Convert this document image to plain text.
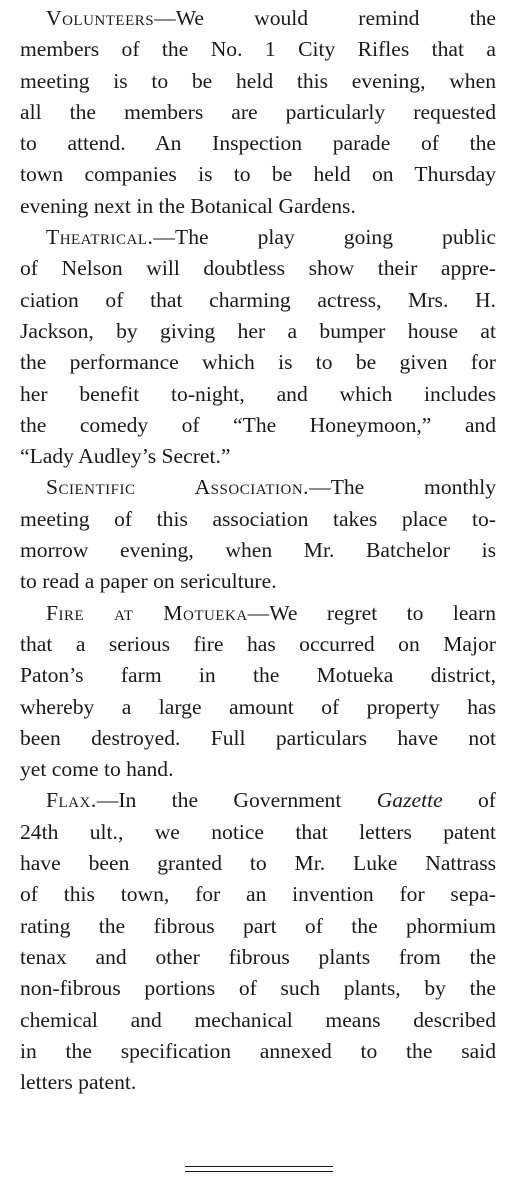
Volunteers—We would remind the
members of the No. 1 City Rifles that a
meeting is to be held this evening, when
all the members are particularly requested
to attend. An Inspection parade of the
town companies is to be held on Thursday
evening next in the Botanical Gardens.
Theatrical.—The play going public
of Nelson will doubtless show their appre-
ciation of that charming actress, Mrs. H.
Jackson, by giving her a bumper house at
the performance which is to be given for
her benefit to-night, and which includes
the comedy of “The Honeymoon,” and
“Lady Audley’s Secret.”
Scientific Association.—The monthly
meeting of this association takes place to-
morrow evening, when Mr. Batchelor is
to read a paper on sericulture.
Fire at Motueka—We regret to learn
that a serious fire has occurred on Major
Paton’s farm in the Motueka district,
whereby a large amount of property has
been destroyed. Full particulars have not
yet come to hand.
Flax.—In the Government Gazette of
24th ult., we notice that letters patent
have been granted to Mr. Luke Nattrass
of this town, for an invention for sepa-
rating the fibrous part of the phormium
tenax and other fibrous plants from the
non-fibrous portions of such plants, by the
chemical and mechanical means described
in the specification annexed to the said
letters patent.
